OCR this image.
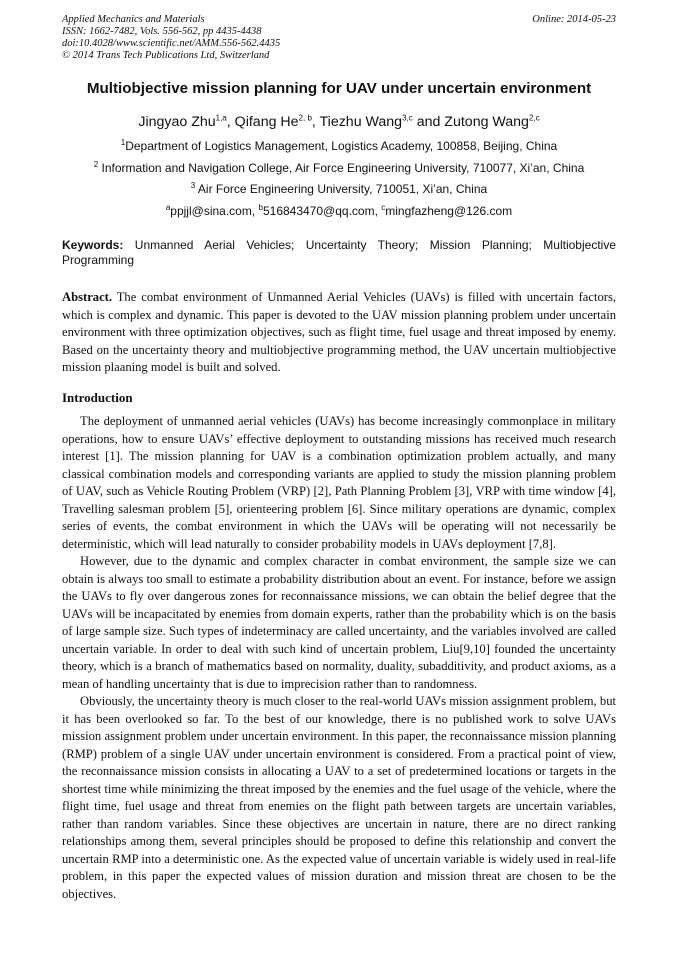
Applied Mechanics and Materials
ISSN: 1662-7482, Vols. 556-562, pp 4435-4438
doi:10.4028/www.scientific.net/AMM.556-562.4435
© 2014 Trans Tech Publications Ltd, Switzerland
Online: 2014-05-23
Multiobjective mission planning for UAV under uncertain environment
Jingyao Zhu$^{1,a}$, Qifang He$^{2, b}$, Tiezhu Wang$^{3,c}$ and Zutong Wang$^{2,c}$
$^1$Department of Logistics Management, Logistics Academy, 100858, Beijing, China
$^2$ Information and Navigation College, Air Force Engineering University, 710077, Xi’an, China
$^3$ Air Force Engineering University, 710051, Xi’an, China
$^a$ppjjl@sina.com, $^b$516843470@qq.com, $^c$mingfazheng@126.com
Keywords: Unmanned Aerial Vehicles; Uncertainty Theory; Mission Planning; Multiobjective Programming

Abstract. The combat environment of Unmanned Aerial Vehicles (UAVs) is filled with uncertain factors, which is complex and dynamic. This paper is devoted to the UAV mission planning problem under uncertain environment with three optimization objectives, such as flight time, fuel usage and threat imposed by enemy. Based on the uncertainty theory and multiobjective programming method, the UAV uncertain multiobjective mission plaaning model is built and solved.

Introduction

The deployment of unmanned aerial vehicles (UAVs) has become increasingly commonplace in military operations, how to ensure UAVs’ effective deployment to outstanding missions has received much research interest [1]. The mission planning for UAV is a combination optimization problem actually, and many classical combination models and corresponding variants are applied to study the mission planning problem of UAV, such as Vehicle Routing Problem (VRP) [2], Path Planning Problem [3], VRP with time window [4], Travelling salesman problem [5], orienteering problem [6]. Since military operations are dynamic, complex series of events, the combat environment in which the UAVs will be operating will not necessarily be deterministic, which will lead naturally to consider probability models in UAVs deployment [7,8].

However, due to the dynamic and complex character in combat environment, the sample size we can obtain is always too small to estimate a probability distribution about an event. For instance, before we assign the UAVs to fly over dangerous zones for reconnaissance missions, we can obtain the belief degree that the UAVs will be incapacitated by enemies from domain experts, rather than the probability which is on the basis of large sample size. Such types of indeterminacy are called uncertainty, and the variables involved are called uncertain variable. In order to deal with such kind of uncertain problem, Liu[9,10] founded the uncertainty theory, which is a branch of mathematics based on normality, duality, subadditivity, and product axioms, as a mean of handling uncertainty that is due to imprecision rather than to randomness.

Obviously, the uncertainty theory is much closer to the real-world UAVs mission assignment problem, but it has been overlooked so far. To the best of our knowledge, there is no published work to solve UAVs mission assignment problem under uncertain environment. In this paper, the reconnaissance mission planning (RMP) problem of a single UAV under uncertain environment is considered. From a practical point of view, the reconnaissance mission consists in allocating a UAV to a set of predetermined locations or targets in the shortest time while minimizing the threat imposed by the enemies and the fuel usage of the vehicle, where the flight time, fuel usage and threat from enemies on the flight path between targets are uncertain variables, rather than random variables. Since these objectives are uncertain in nature, there are no direct ranking relationships among them, several principles should be proposed to define this relationship and convert the uncertain RMP into a deterministic one. As the expected value of uncertain variable is widely used in real-life problem, in this paper the expected values of mission duration and mission threat are chosen to be the objectives.
